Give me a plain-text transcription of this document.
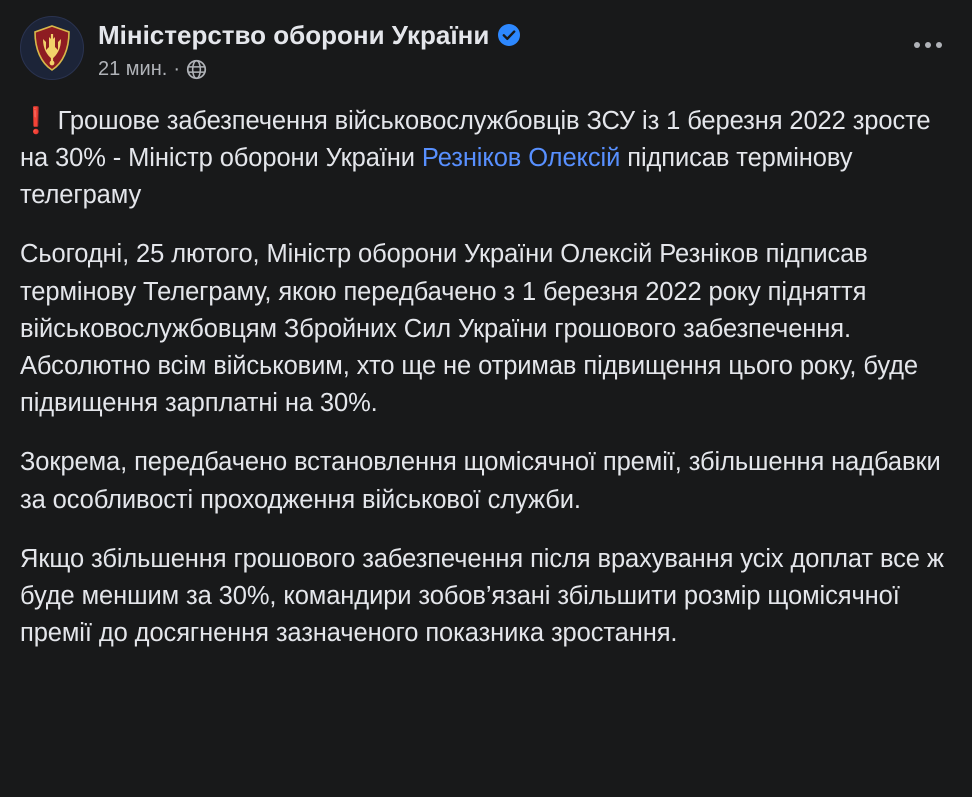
Міністерство оборони України
21 мин. ·

❗ Грошове забезпечення військовослужбовців ЗСУ із 1 березня 2022 зросте на 30% - Міністр оборони України Резніков Олексій підписав термінову телеграму

Сьогодні, 25 лютого, Міністр оборони України Олексій Резніков підписав термінову Телеграму, якою передбачено з 1 березня 2022 року підняття військовослужбовцям Збройних Сил України грошового забезпечення.

Абсолютно всім військовим, хто ще не отримав підвищення цього року, буде підвищення зарплатні на 30%.

Зокрема, передбачено встановлення щомісячної премії, збільшення надбавки за особливості проходження військової служби.

Якщо збільшення грошового забезпечення після врахування усіх доплат все ж буде меншим за 30%, командири зобов’язані збільшити розмір щомісячної премії до досягнення зазначеного показника зростання.
